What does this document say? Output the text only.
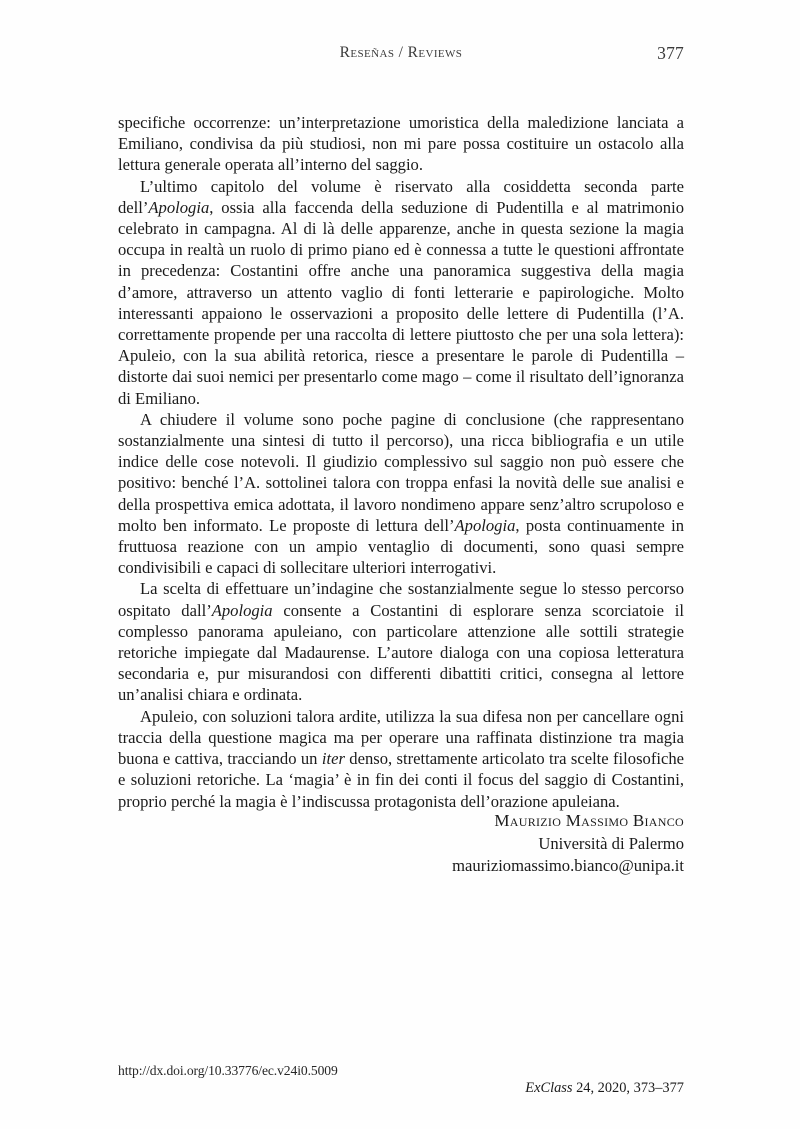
Reseñas / Reviews	377

specifiche occorrenze: un’interpretazione umoristica della maledizione lanciata a Emiliano, condivisa da più studiosi, non mi pare possa costituire un ostacolo alla lettura generale operata all’interno del saggio.

L’ultimo capitolo del volume è riservato alla cosiddetta seconda parte dell’Apologia, ossia alla faccenda della seduzione di Pudentilla e al matrimonio celebrato in campagna. Al di là delle apparenze, anche in questa sezione la magia occupa in realtà un ruolo di primo piano ed è connessa a tutte le questioni affrontate in precedenza: Costantini offre anche una panoramica suggestiva della magia d’amore, attraverso un attento vaglio di fonti letterarie e papirologiche. Molto interessanti appaiono le osservazioni a proposito delle lettere di Pudentilla (l’A. correttamente propende per una raccolta di lettere piuttosto che per una sola lettera): Apuleio, con la sua abilità retorica, riesce a presentare le parole di Pudentilla – distorte dai suoi nemici per presentarlo come mago – come il risultato dell’ignoranza di Emiliano.

A chiudere il volume sono poche pagine di conclusione (che rappresentano sostanzialmente una sintesi di tutto il percorso), una ricca bibliografia e un utile indice delle cose notevoli. Il giudizio complessivo sul saggio non può essere che positivo: benché l’A. sottolinei talora con troppa enfasi la novità delle sue analisi e della prospettiva emica adottata, il lavoro nondimeno appare senz’altro scrupoloso e molto ben informato. Le proposte di lettura dell’Apologia, posta continuamente in fruttuosa reazione con un ampio ventaglio di documenti, sono quasi sempre condivisibili e capaci di sollecitare ulteriori interrogativi.

La scelta di effettuare un’indagine che sostanzialmente segue lo stesso percorso ospitato dall’Apologia consente a Costantini di esplorare senza scorciatoie il complesso panorama apuleiano, con particolare attenzione alle sottili strategie retoriche impiegate dal Madaurense. L’autore dialoga con una copiosa letteratura secondaria e, pur misurandosi con differenti dibattiti critici, consegna al lettore un’analisi chiara e ordinata.

Apuleio, con soluzioni talora ardite, utilizza la sua difesa non per cancellare ogni traccia della questione magica ma per operare una raffinata distinzione tra magia buona e cattiva, tracciando un iter denso, strettamente articolato tra scelte filosofiche e soluzioni retoriche. La ‘magia’ è in fin dei conti il focus del saggio di Costantini, proprio perché la magia è l’indiscussa protagonista dell’orazione apuleiana.

Maurizio Massimo Bianco
Università di Palermo
mauriziomassimo.bianco@unipa.it
http://dx.doi.org/10.33776/ec.v24i0.5009

ExClass 24, 2020, 373–377
